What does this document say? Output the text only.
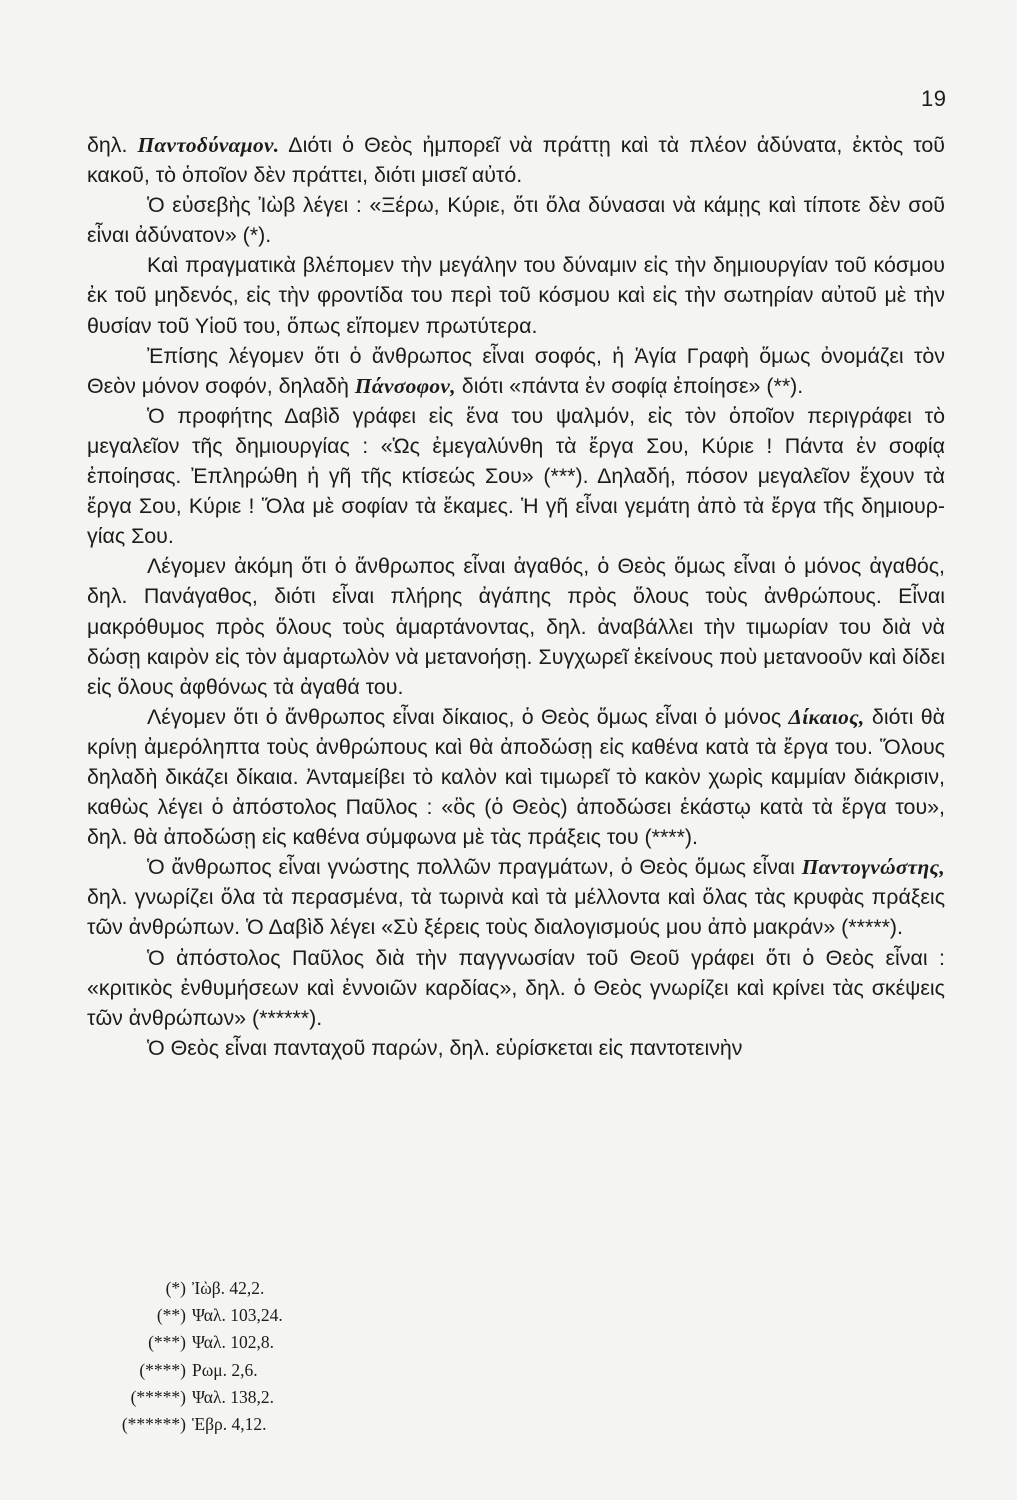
19

δηλ. Παντοδύναμον. Διότι ὁ Θεὸς ἠμπορεῖ νὰ πράττῃ καὶ τὰ πλέον ἀδύνατα, ἐκτὸς τοῦ κακοῦ, τὸ ὁποῖον δὲν πράττει, διότι μισεῖ αὐτό.

Ὁ εὐσεβὴς Ἰὼβ λέγει : «Ξέρω, Κύριε, ὅτι ὅλα δύνασαι νὰ κάμῃς καὶ τίποτε δὲν σοῦ εἶναι ἀδύνατον» (*).

Καὶ πραγματικὰ βλέπομεν τὴν μεγάλην του δύναμιν εἰς τὴν δημιουργίαν τοῦ κόσμου ἐκ τοῦ μηδενός, εἰς τὴν φροντίδα του περὶ τοῦ κόσμου καὶ εἰς τὴν σωτηρίαν αὐτοῦ μὲ τὴν θυσίαν τοῦ Υἱοῦ του, ὅπως εἴπομεν πρωτύτερα.

Ἐπίσης λέγομεν ὅτι ὁ ἄνθρωπος εἶναι σοφός, ἡ Ἁγία Γραφὴ ὅμως ὀνομάζει τὸν Θεὸν μόνον σοφόν, δηλαδὴ Πάνσοφον, διότι «πάντα ἐν σοφίᾳ ἐποίησε» (**).

Ὁ προφήτης Δαβὶδ γράφει εἰς ἕνα του ψαλμόν, εἰς τὸν ὁποῖον περιγράφει τὸ μεγαλεῖον τῆς δημιουργίας : «Ὡς ἐμεγαλύνθη τὰ ἔργα Σου, Κύριε ! Πάντα ἐν σοφίᾳ ἐποίησας. Ἐπληρώθη ἡ γῆ τῆς κτίσεώς Σου» (***). Δηλαδή, πόσον μεγαλεῖον ἔχουν τὰ ἔργα Σου, Κύριε ! Ὅλα μὲ σοφίαν τὰ ἔκαμες. Ἡ γῆ εἶναι γεμάτη ἀπὸ τὰ ἔργα τῆς δημιουργίας Σου.

Λέγομεν ἀκόμη ὅτι ὁ ἄνθρωπος εἶναι ἀγαθός, ὁ Θεὸς ὅμως εἶναι ὁ μόνος ἀγαθός, δηλ. Πανάγαθος, διότι εἶναι πλήρης ἀγάπης πρὸς ὅλους τοὺς ἀνθρώπους. Εἶναι μακρόθυμος πρὸς ὅλους τοὺς ἁμαρτάνοντας, δηλ. ἀναβάλλει τὴν τιμωρίαν του διὰ νὰ δώσῃ καιρὸν εἰς τὸν ἁμαρτωλὸν νὰ μετανοήσῃ. Συγχωρεῖ ἐκείνους ποὺ μετανοοῦν καὶ δίδει εἰς ὅλους ἀφθόνως τὰ ἀγαθά του.

Λέγομεν ὅτι ὁ ἄνθρωπος εἶναι δίκαιος, ὁ Θεὸς ὅμως εἶναι ὁ μόνος Δίκαιος, διότι θὰ κρίνῃ ἀμερόληπτα τοὺς ἀνθρώπους καὶ θὰ ἀποδώσῃ εἰς καθένα κατὰ τὰ ἔργα του. Ὅλους δηλαδὴ δικάζει δίκαια. Ἀνταμείβει τὸ καλὸν καὶ τιμωρεῖ τὸ κακὸν χωρὶς καμμίαν διάκρισιν, καθὼς λέγει ὁ ἀπόστολος Παῦλος : «ὃς (ὁ Θεὸς) ἀποδώσει ἑκάστῳ κατὰ τὰ ἔργα του», δηλ. θὰ ἀποδώσῃ εἰς καθένα σύμφωνα μὲ τὰς πράξεις του (****).

Ὁ ἄνθρωπος εἶναι γνώστης πολλῶν πραγμάτων, ὁ Θεὸς ὅμως εἶναι Παντογνώστης, δηλ. γνωρίζει ὅλα τὰ περασμένα, τὰ τωρινὰ καὶ τὰ μέλλοντα καὶ ὅλας τὰς κρυφὰς πράξεις τῶν ἀνθρώπων. Ὁ Δαβὶδ λέγει «Σὺ ξέρεις τοὺς διαλογισμούς μου ἀπὸ μακράν» (*****).

Ὁ ἀπόστολος Παῦλος διὰ τὴν παγγνωσίαν τοῦ Θεοῦ γράφει ὅτι ὁ Θεὸς εἶναι : «κριτικὸς ἐνθυμήσεων καὶ ἐννοιῶν καρδίας», δηλ. ὁ Θεὸς γνωρίζει καὶ κρίνει τὰς σκέψεις τῶν ἀνθρώπων» (******).

Ὁ Θεὸς εἶναι πανταχοῦ παρών, δηλ. εὑρίσκεται εἰς παντοτεινὴν

(*) Ἰὼβ. 42,2.
(**) Ψαλ. 103,24.
(***) Ψαλ. 102,8.
(****) Ρωμ. 2,6.
(*****) Ψαλ. 138,2.
(******) Ἑβρ. 4,12.
